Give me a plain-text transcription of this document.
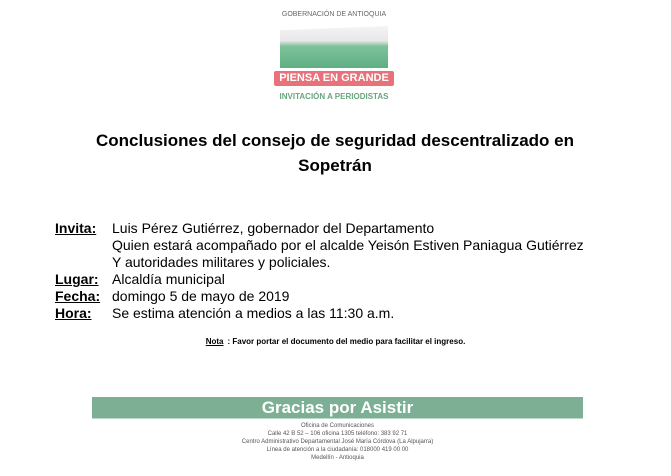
GOBERNACIÓN DE ANTIOQUIA
PIENSA EN GRANDE
INVITACIÓN A PERIODISTAS
Conclusiones del consejo de seguridad descentralizado en
Sopetrán
Invita: Luis Pérez Gutiérrez, gobernador del Departamento
Quien estará acompañado por el alcalde Yeisón Estiven Paniagua Gutiérrez
Y autoridades militares y policiales.
Lugar: Alcaldía municipal
Fecha: domingo 5 de mayo de 2019
Hora: Se estima atención a medios a las 11:30 a.m.
Nota : Favor portar el documento del medio para facilitar el ingreso.
Gracias por Asistir
Oficina de Comunicaciones
Calle 42 B 52 – 106 oficina 1305 teléfono: 383 92 71
Centro Administrativo Departamental José María Córdova (La Alpujarra)
Línea de atención a la ciudadanía: 018000 419 00 00
Medellín - Antioquia
